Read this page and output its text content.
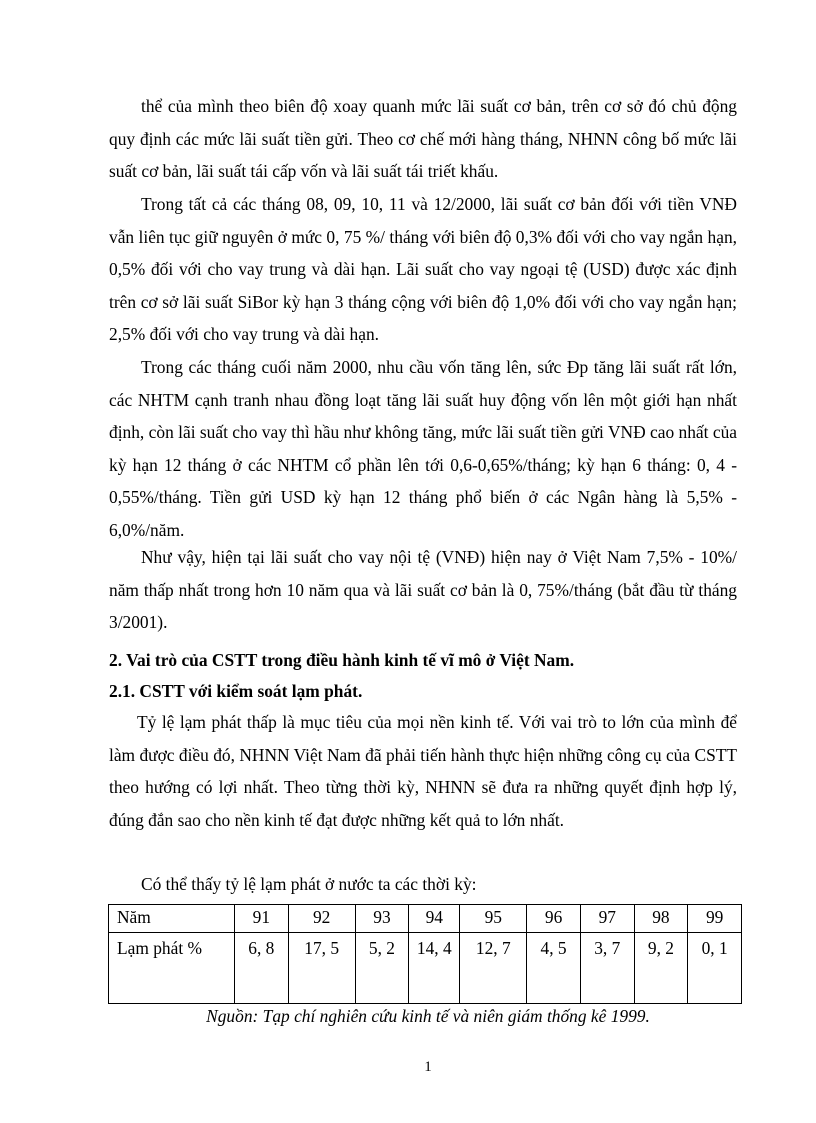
thể của mình theo biên độ xoay quanh mức lãi suất cơ bản, trên cơ sở đó chủ động quy định các mức lãi suất tiền gửi. Theo cơ chế mới hàng tháng, NHNN công bố mức lãi suất cơ bản, lãi suất tái cấp vốn và lãi suất tái triết khấu.

Trong tất cả các tháng 08, 09, 10, 11 và 12/2000, lãi suất cơ bản đối với tiền VNĐ vẫn liên tục giữ nguyên ở mức 0, 75 %/ tháng với biên độ 0,3% đối với cho vay ngắn hạn, 0,5% đối với cho vay trung và dài hạn. Lãi suất cho vay ngoại tệ (USD) được xác định trên cơ sở lãi suất SiBor kỳ hạn 3 tháng cộng với biên độ 1,0% đối với cho vay ngắn hạn; 2,5% đối với cho vay trung và dài hạn.

Trong các tháng cuối năm 2000, nhu cầu vốn tăng lên, sức Ðp tăng lãi suất rất lớn, các NHTM cạnh tranh nhau đồng loạt tăng lãi suất huy động vốn lên một giới hạn nhất định, còn lãi suất cho vay thì hầu như không tăng, mức lãi suất tiền gửi VNĐ cao nhất của kỳ hạn 12 tháng ở các NHTM cổ phần lên tới 0,6-0,65%/tháng; kỳ hạn 6 tháng: 0, 4 - 0,55%/tháng. Tiền gửi USD kỳ hạn 12 tháng phổ biến ở các Ngân hàng là 5,5% - 6,0%/năm.

Như vậy, hiện tại lãi suất cho vay nội tệ (VNĐ) hiện nay ở Việt Nam 7,5% - 10%/ năm thấp nhất trong hơn 10 năm qua và lãi suất cơ bản là 0, 75%/tháng (bắt đầu từ tháng 3/2001).

2. Vai trò của CSTT trong điều hành kinh tế vĩ mô ở Việt Nam.
2.1. CSTT với kiểm soát lạm phát.

Tỷ lệ lạm phát thấp là mục tiêu của mọi nền kinh tế. Với vai trò to lớn của mình để làm được điều đó, NHNN Việt Nam đã phải tiến hành thực hiện những công cụ của CSTT theo hướng có lợi nhất. Theo từng thời kỳ, NHNN sẽ đưa ra những quyết định hợp lý, đúng đắn sao cho nền kinh tế đạt được những kết quả to lớn nhất.

Có thể thấy tỷ lệ lạm phát ở nước ta các thời kỳ:

Năm	91	92	93	94	95	96	97	98	99
Lạm phát %	6, 8	17, 5	5, 2	14, 4	12, 7	4, 5	3, 7	9, 2	0, 1

Nguồn: Tạp chí nghiên cứu kinh tế và niên giám thống kê 1999.

1
